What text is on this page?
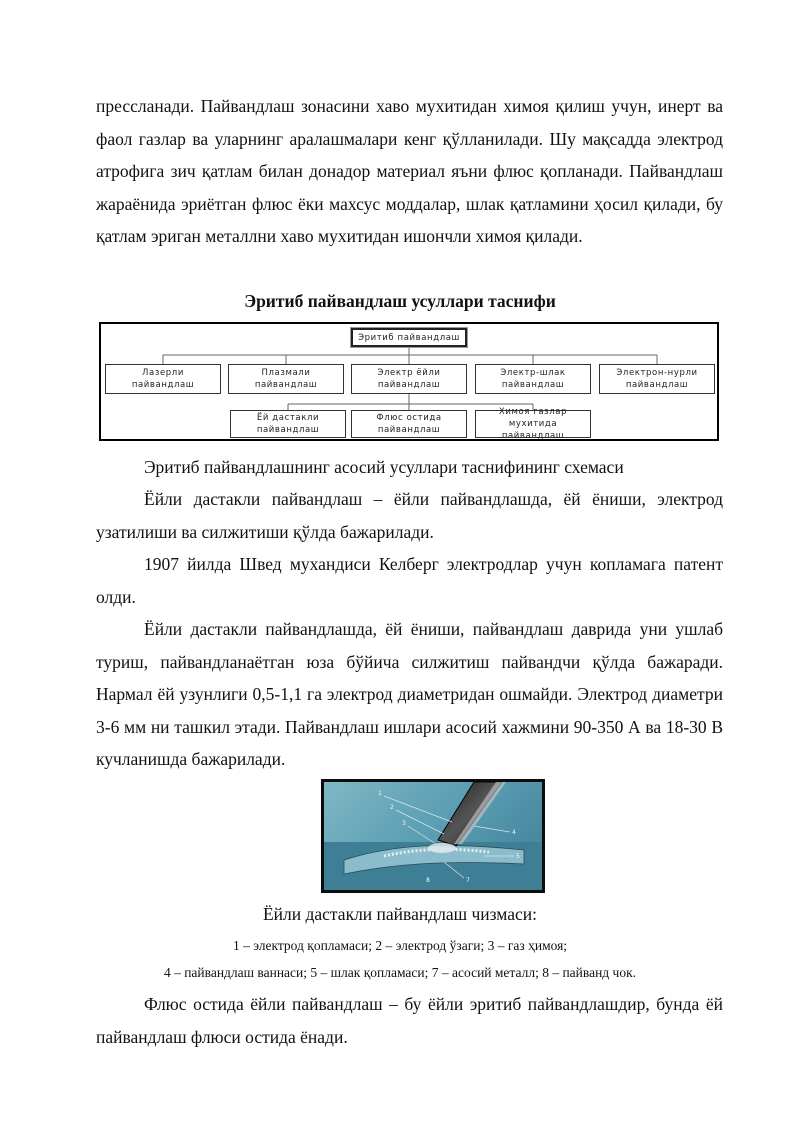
прессланади. Пайвандлаш зонасини хаво мухитидан химоя қилиш учун, инерт ва фаол газлар ва уларнинг аралашмалари кенг қўлланилади. Шу мақсадда электрод атрофига зич қатлам билан донадор материал яъни флюс қопланади. Пайвандлаш жараёнида эриётган флюс ёки махсус моддалар, шлак қатламини ҳосил қилади, бу қатлам эриган металлни хаво мухитидан ишончли химоя қилади.

Эритиб пайвандлаш усуллари таснифи

Эритиб пайвандлаш
Лазерли
пайвандлаш
Плазмали
пайвандлаш
Электр ёйли
пайвандлаш
Электр-шлак
пайвандлаш
Электрон-нурли
пайвандлаш
Ёй дастакли
пайвандлаш
Флюс остида
пайвандлаш
Химоя газлар мухитида
пайвандлаш

Эритиб пайвандлашнинг асосий усуллари таснифининг схемаси

Ёйли дастакли пайвандлаш – ёйли пайвандлашда, ёй ёниши, электрод узатилиши ва силжитиши қўлда бажарилади.

1907 йилда Швед мухандиси Келберг электродлар учун копламага патент олди.

Ёйли дастакли пайвандлашда, ёй ёниши, пайвандлаш даврида уни ушлаб туриш, пайвандланаётган юза бўйича силжитиш пайвандчи қўлда бажаради. Нармал ёй узунлиги 0,5-1,1 га электрод диаметридан ошмайди. Электрод диаметри 3-6 мм ни ташкил этади. Пайвандлаш ишлари асосий хажмини 90-350 А ва 18-30 В кучланишда бажарилади.

1
2
3
4
5
7
8

Ёйли дастакли пайвандлаш чизмаси:

1 – электрод қопламаси; 2 – электрод ўзаги; 3 – газ ҳимоя;

4 – пайвандлаш ваннаси; 5 – шлак қопламаси; 7 – асосий металл; 8 – пайванд чок.

Флюс остида ёйли пайвандлаш – бу ёйли эритиб пайвандлашдир, бунда ёй пайвандлаш флюси остида ёнади.
